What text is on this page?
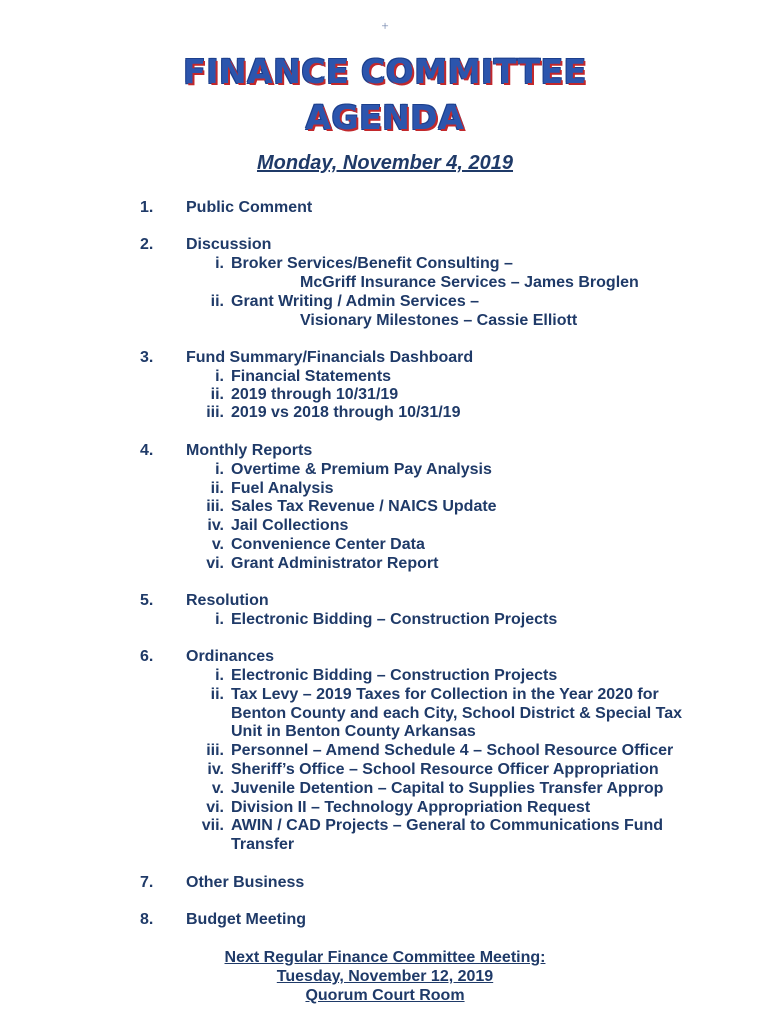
+
FINANCE COMMITTEE
AGENDA
Monday, November 4, 2019
1. Public Comment
2. Discussion
i. Broker Services/Benefit Consulting –
McGriff Insurance Services – James Broglen
ii. Grant Writing / Admin Services –
Visionary Milestones – Cassie Elliott
3. Fund Summary/Financials Dashboard
i. Financial Statements
ii. 2019 through 10/31/19
iii. 2019 vs 2018 through 10/31/19
4. Monthly Reports
i. Overtime & Premium Pay Analysis
ii. Fuel Analysis
iii. Sales Tax Revenue / NAICS Update
iv. Jail Collections
v. Convenience Center Data
vi. Grant Administrator Report
5. Resolution
i. Electronic Bidding – Construction Projects
6. Ordinances
i. Electronic Bidding – Construction Projects
ii. Tax Levy – 2019 Taxes for Collection in the Year 2020 for
Benton County and each City, School District & Special Tax
Unit in Benton County Arkansas
iii. Personnel – Amend Schedule 4 – School Resource Officer
iv. Sheriff’s Office – School Resource Officer Appropriation
v. Juvenile Detention – Capital to Supplies Transfer Approp
vi. Division II – Technology Appropriation Request
vii. AWIN / CAD Projects – General to Communications Fund
Transfer
7. Other Business
8. Budget Meeting
Next Regular Finance Committee Meeting:
Tuesday, November 12, 2019
Quorum Court Room
